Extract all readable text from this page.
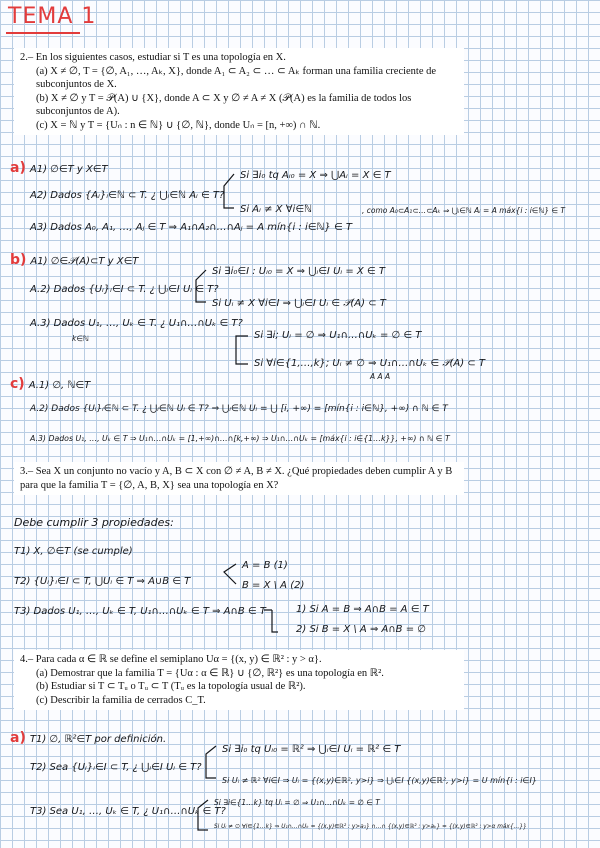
TEMA 1
2.– En los siguientes casos, estudiar si T es una topología en X.
(a) X ≠ ∅, T = {∅, A₁, …, Aₖ, X}, donde A₁ ⊂ A₂ ⊂ … ⊂ Aₖ forman una familia creciente de subconjuntos de X.
(b) X ≠ ∅ y T = 𝒫(A) ∪ {X}, donde A ⊂ X y ∅ ≠ A ≠ X (𝒫(A) es la familia de todos los subconjuntos de A).
(c) X = ℕ y T = {Uₙ : n ∈ ℕ} ∪ {∅, ℕ}, donde Uₙ = [n, +∞) ∩ ℕ.
a) A1) ∅∈T y X∈T
A2) Dados {Aᵢ}ᵢ∈ℕ ⊂ T. ¿ ⋃ᵢ∈ℕ Aᵢ ∈ T?
Si ∃i₀ tq Aᵢ₀ = X ⇒ ⋃Aᵢ = X ∈ T
Si Aᵢ ≠ X ∀i∈ℕ	, como A₀⊂A₁⊂…⊂Aₖ ⇒ ⋃ᵢ∈ℕ Aᵢ = A máx{i : i∈ℕ} ∈ T
A3) Dados A₀, A₁, …, Aⱼ ∈ T ⇒ A₁∩A₂∩…∩Aⱼ = A mín{i : i∈ℕ} ∈ T
b) A1) ∅∈𝒫(A)⊂T y X∈T
A.2) Dados {Uᵢ}ᵢ∈I ⊂ T. ¿ ⋃ᵢ∈I Uᵢ ∈ T?
Si ∃i₀∈I : Uᵢ₀ = X ⇒ ⋃ᵢ∈I Uᵢ = X ∈ T
Si Uᵢ ≠ X ∀i∈I ⇒ ⋃ᵢ∈I Uᵢ ∈ 𝒫(A) ⊂ T
A.3) Dados U₁, …, Uₖ ∈ T. ¿ U₁∩…∩Uₖ ∈ T?
k∈ℕ	Si ∃i; Uᵢ = ∅ ⇒ U₁∩…∩Uₖ = ∅ ∈ T
Si ∀i∈{1,…,k}; Uᵢ ≠ ∅ ⇒ U₁∩…∩Uₖ ∈ 𝒫(A) ⊂ T
A A A
c) A.1) ∅, ℕ∈T
A.2) Dados {Uᵢ}ᵢ∈ℕ ⊂ T. ¿ ⋃ᵢ∈ℕ Uᵢ ∈ T? ⇒ ⋃ᵢ∈ℕ Uᵢ = ⋃ [i, +∞) = [mín{i : i∈ℕ}, +∞) ∩ ℕ ∈ T
A.3) Dados U₁, …, Uₖ ∈ T ⇒ U₁∩…∩Uₖ = [1,+∞)∩…∩[k,+∞) ⇒ U₁∩…∩Uₖ = [máx{i : i∈{1…k}}, +∞) ∩ ℕ ∈ T
3.– Sea X un conjunto no vacío y A, B ⊂ X con ∅ ≠ A, B ≠ X. ¿Qué propiedades deben cumplir A y B para que la familia T = {∅, A, B, X} sea una topología en X?
Debe cumplir 3 propiedades:
T1) X, ∅∈T (se cumple)
T2) {Uᵢ}ᵢ∈I ⊂ T, ⋃Uᵢ ∈ T ⇒ A∪B ∈ T
A = B (1)
B = X \ A (2)
T3) Dados U₁, …, Uₖ ∈ T, U₁∩…∩Uₖ ∈ T ⇒ A∩B ∈ T	1) Si A = B ⇒ A∩B = A ∈ T
2) Si B = X \ A ⇒ A∩B = ∅
4.– Para cada α ∈ ℝ se define el semiplano Uα = {(x, y) ∈ ℝ² : y > α}.
(a) Demostrar que la familia T = {Uα : α ∈ ℝ} ∪ {∅, ℝ²} es una topología en ℝ².
(b) Estudiar si T ⊂ Tᵤ o Tᵤ ⊂ T (Tᵤ es la topología usual de ℝ²).
(c) Describir la familia de cerrados C_T.
a) T1) ∅, ℝ²∈T por definición.
T2) Sea {Uᵢ}ᵢ∈I ⊂ T, ¿ ⋃ᵢ∈I Uᵢ ∈ T?
Si ∃i₀ tq Uᵢ₀ = ℝ² ⇒ ⋃ᵢ∈I Uᵢ = ℝ² ∈ T
Si Uᵢ ≠ ℝ² ∀i∈I ⇒ Uᵢ = {(x,y)∈ℝ², y>i} ⇒ ⋃ᵢ∈I {(x,y)∈ℝ², y>i} = U mín{i : i∈I}
T3) Sea U₁, …, Uₖ ∈ T, ¿ U₁∩…∩Uₖ ∈ T?
Si ∃i∈{1…k} tq Uᵢ = ∅ ⇒ U₁∩…∩Uₖ = ∅ ∈ T
Si Uᵢ ≠ ∅ ∀i∈{1…k} ⇒ U₁∩…∩Uₖ = {(x,y)∈ℝ² : y>a₁} ∩…∩ {(x,y)∈ℝ² : y>aₖ} = {(x,y)∈ℝ² : y>α máx{…}}
